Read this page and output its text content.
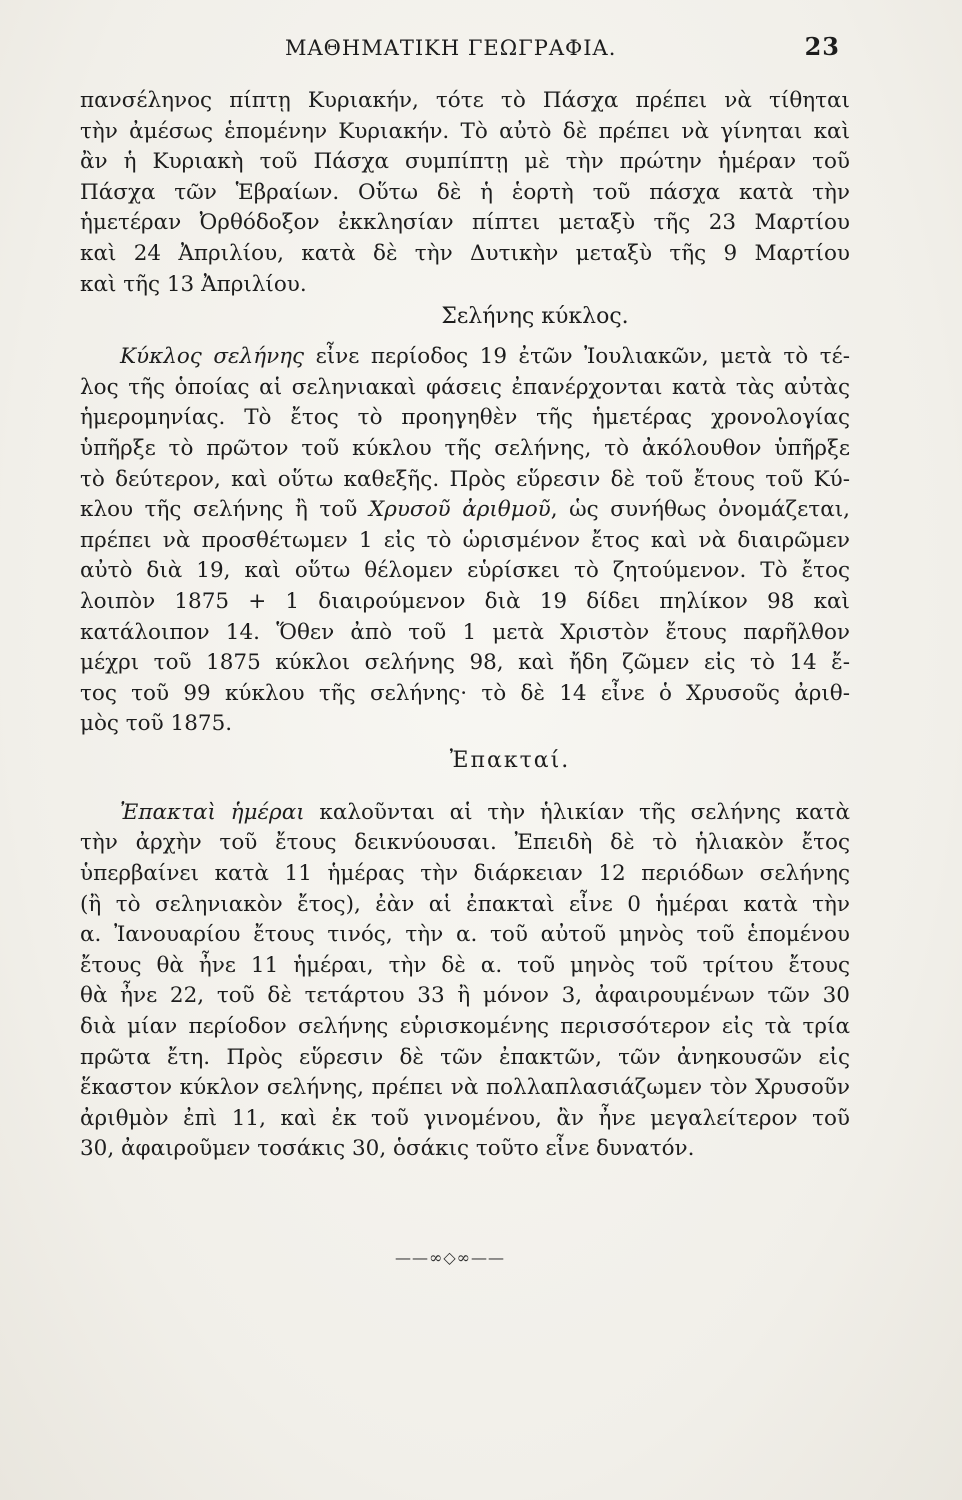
ΜΑΘΗΜΑΤΙΚΗ ΓΕΩΓΡΑΦΙΑ.	23
πανσέληνος πίπτῃ Κυριακήν, τότε τὸ Πάσχα πρέπει νὰ τίθηται
τὴν ἀμέσως ἑπομένην Κυριακήν. Τὸ αὐτὸ δὲ πρέπει νὰ γίνηται καὶ
ἂν ἡ Κυριακὴ τοῦ Πάσχα συμπίπτῃ μὲ τὴν πρώτην ἡμέραν τοῦ
Πάσχα τῶν Ἑβραίων. Οὕτω δὲ ἡ ἑορτὴ τοῦ πάσχα κατὰ τὴν
ἡμετέραν Ὀρθόδοξον ἐκκλησίαν πίπτει μεταξὺ τῆς 23 Μαρτίου
καὶ 24 Ἀπριλίου, κατὰ δὲ τὴν Δυτικὴν μεταξὺ τῆς 9 Μαρτίου
καὶ τῆς 13 Ἀπριλίου.
Σελήνης κύκλος.
Κύκλος σελήνης εἶνε περίοδος 19 ἐτῶν Ἰουλιακῶν, μετὰ τὸ τέ-
λος τῆς ὁποίας αἱ σεληνιακαὶ φάσεις ἐπανέρχονται κατὰ τὰς αὐτὰς
ἡμερομηνίας. Τὸ ἔτος τὸ προηγηθὲν τῆς ἡμετέρας χρονολογίας
ὑπῆρξε τὸ πρῶτον τοῦ κύκλου τῆς σελήνης, τὸ ἀκόλουθον ὑπῆρξε
τὸ δεύτερον, καὶ οὕτω καθεξῆς. Πρὸς εὕρεσιν δὲ τοῦ ἔτους τοῦ Κύ-
κλου τῆς σελήνης ἢ τοῦ Χρυσοῦ ἀριθμοῦ, ὡς συνήθως ὀνομάζεται,
πρέπει νὰ προσθέτωμεν 1 εἰς τὸ ὡρισμένον ἔτος καὶ νὰ διαιρῶμεν
αὐτὸ διὰ 19, καὶ οὕτω θέλομεν εὑρίσκει τὸ ζητούμενον. Τὸ ἔτος
λοιπὸν 1875 + 1 διαιρούμενον διὰ 19 δίδει πηλίκον 98 καὶ
κατάλοιπον 14. Ὅθεν ἀπὸ τοῦ 1 μετὰ Χριστὸν ἔτους παρῆλθον
μέχρι τοῦ 1875 κύκλοι σελήνης 98, καὶ ἤδη ζῶμεν εἰς τὸ 14 ἔ-
τος τοῦ 99 κύκλου τῆς σελήνης· τὸ δὲ 14 εἶνε ὁ Χρυσοῦς ἀριθ-
μὸς τοῦ 1875.
Ἐπακταί.
Ἐπακταὶ ἡμέραι καλοῦνται αἱ τὴν ἡλικίαν τῆς σελήνης κατὰ
τὴν ἀρχὴν τοῦ ἔτους δεικνύουσαι. Ἐπειδὴ δὲ τὸ ἡλιακὸν ἔτος
ὑπερβαίνει κατὰ 11 ἡμέρας τὴν διάρκειαν 12 περιόδων σελήνης
(ἢ τὸ σεληνιακὸν ἔτος), ἐὰν αἱ ἐπακταὶ εἶνε 0 ἡμέραι κατὰ τὴν
α. Ἰανουαρίου ἔτους τινός, τὴν α. τοῦ αὐτοῦ μηνὸς τοῦ ἑπομένου
ἔτους θὰ ἦνε 11 ἡμέραι, τὴν δὲ α. τοῦ μηνὸς τοῦ τρίτου ἔτους
θὰ ἦνε 22, τοῦ δὲ τετάρτου 33 ἢ μόνον 3, ἀφαιρουμένων τῶν 30
διὰ μίαν περίοδον σελήνης εὑρισκομένης περισσότερον εἰς τὰ τρία
πρῶτα ἔτη. Πρὸς εὕρεσιν δὲ τῶν ἐπακτῶν, τῶν ἀνηκουσῶν εἰς
ἕκαστον κύκλον σελήνης, πρέπει νὰ πολλαπλασιάζωμεν τὸν Χρυσοῦν
ἀριθμὸν ἐπὶ 11, καὶ ἐκ τοῦ γινομένου, ἂν ἦνε μεγαλείτερον τοῦ
30, ἀφαιροῦμεν τοσάκις 30, ὁσάκις τοῦτο εἶνε δυνατόν.
——∞◇∞——
